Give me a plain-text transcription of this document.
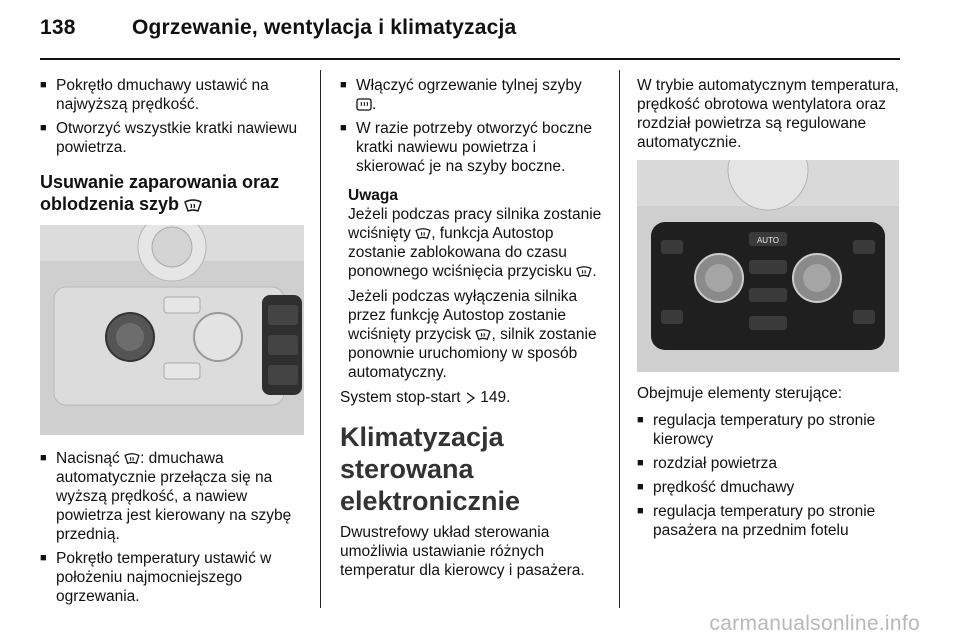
138	Ogrzewanie, wentylacja i klimatyzacja
■ Pokrętło dmuchawy ustawić na najwyższą prędkość.
■ Otworzyć wszystkie kratki nawiewu powietrza.
Usuwanie zaparowania oraz oblodzenia szyb
■ Nacisnąć : dmuchawa automatycznie przełącza się na wyższą prędkość, a nawiew powietrza jest kierowany na szybę przednią.
■ Pokrętło temperatury ustawić w położeniu najmocniejszego ogrzewania.
■ Włączyć ogrzewanie tylnej szyby
.
■ W razie potrzeby otworzyć boczne kratki nawiewu powietrza i skierować je na szyby boczne.
Uwaga
Jeżeli podczas pracy silnika zostanie wciśnięty , funkcja Autostop zostanie zablokowana do czasu ponownego wciśnięcia przycisku .
Jeżeli podczas wyłączenia silnika przez funkcję Autostop zostanie wciśnięty przycisk , silnik zostanie ponownie uruchomiony w sposób automatyczny.
System stop-start  149.
Klimatyzacja sterowana elektronicznie
Dwustrefowy układ sterowania umożliwia ustawianie różnych temperatur dla kierowcy i pasażera.
W trybie automatycznym temperatura, prędkość obrotowa wentylatora oraz rozdział powietrza są regulowane automatycznie.
AUTO
Obejmuje elementy sterujące:
■ regulacja temperatury po stronie kierowcy
■ rozdział powietrza
■ prędkość dmuchawy
■ regulacja temperatury po stronie pasażera na przednim fotelu
carmanualsonline.info
